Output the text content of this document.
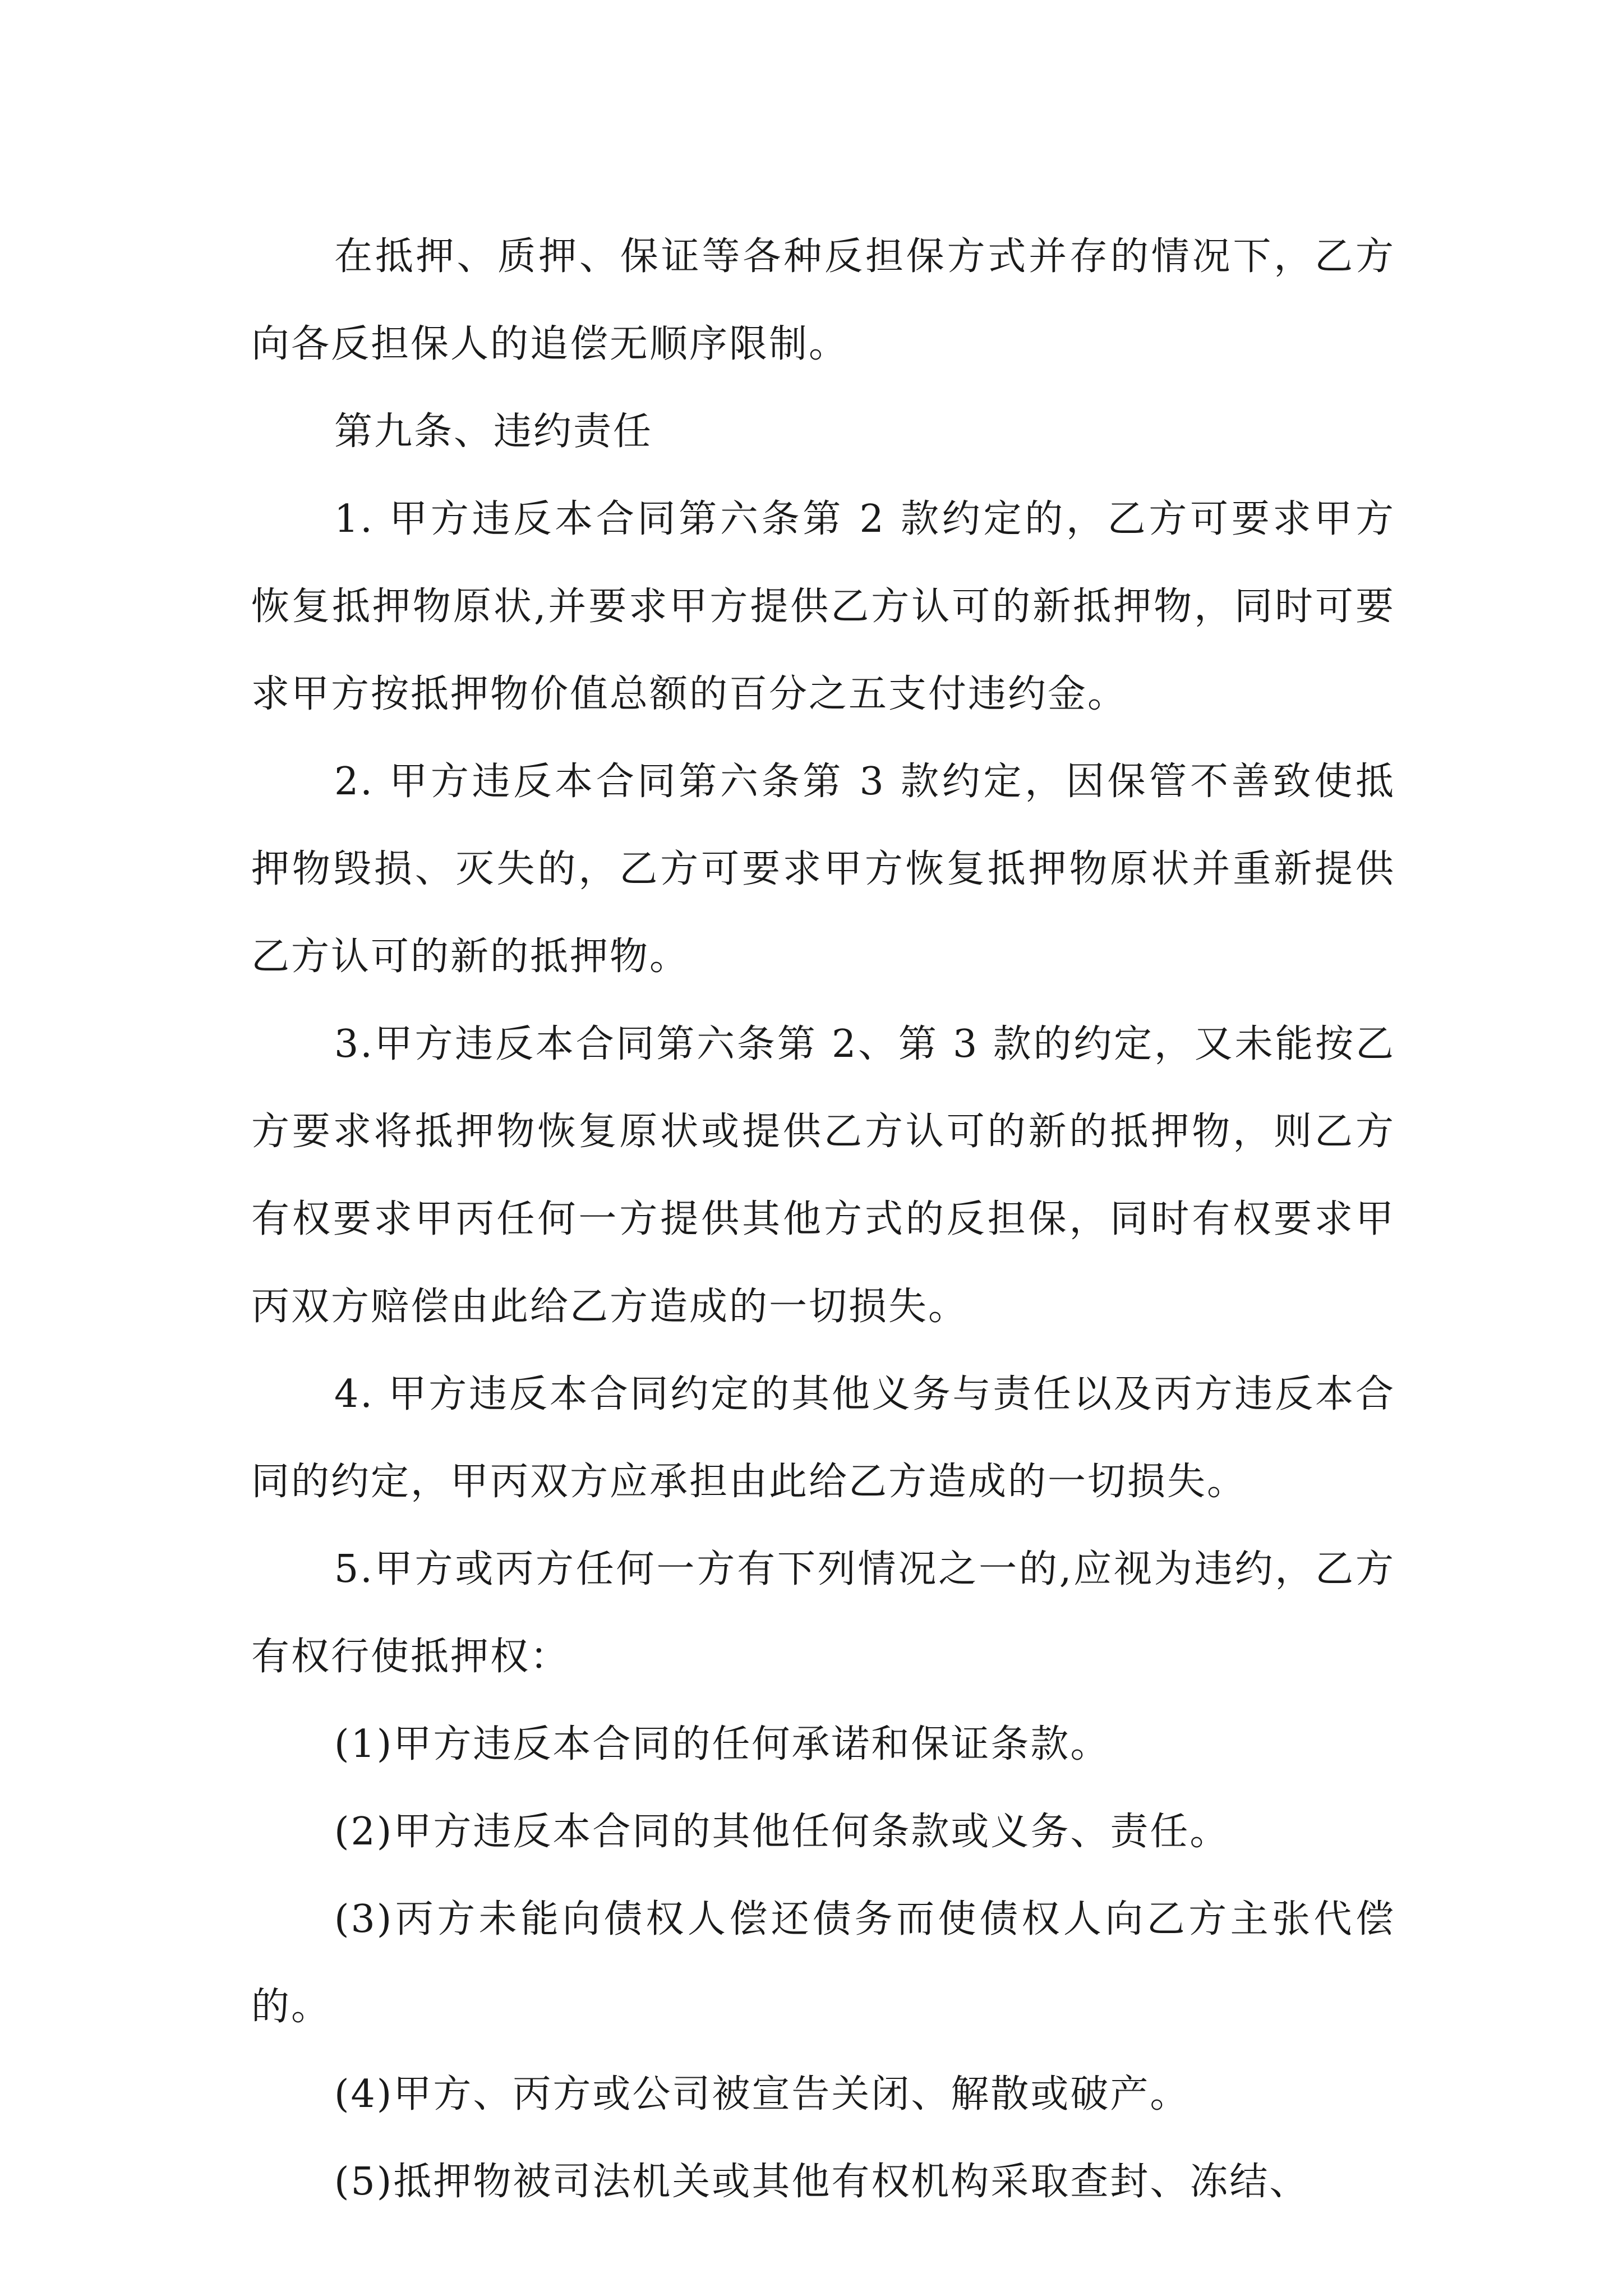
在抵押、质押、保证等各种反担保方式并存的情况下，乙方向各反担保人的追偿无顺序限制。

第九条、违约责任

1. 甲方违反本合同第六条第 2 款约定的，乙方可要求甲方恢复抵押物原状,并要求甲方提供乙方认可的新抵押物，同时可要求甲方按抵押物价值总额的百分之五支付违约金。

2. 甲方违反本合同第六条第 3 款约定，因保管不善致使抵押物毁损、灭失的，乙方可要求甲方恢复抵押物原状并重新提供乙方认可的新的抵押物。

3.甲方违反本合同第六条第 2、第 3 款的约定，又未能按乙方要求将抵押物恢复原状或提供乙方认可的新的抵押物，则乙方有权要求甲丙任何一方提供其他方式的反担保，同时有权要求甲丙双方赔偿由此给乙方造成的一切损失。

4. 甲方违反本合同约定的其他义务与责任以及丙方违反本合同的约定，甲丙双方应承担由此给乙方造成的一切损失。

5.甲方或丙方任何一方有下列情况之一的,应视为违约，乙方有权行使抵押权：

(1)甲方违反本合同的任何承诺和保证条款。

(2)甲方违反本合同的其他任何条款或义务、责任。

(3)丙方未能向债权人偿还债务而使债权人向乙方主张代偿的。

(4)甲方、丙方或公司被宣告关闭、解散或破产。

(5)抵押物被司法机关或其他有权机构采取查封、冻结、
